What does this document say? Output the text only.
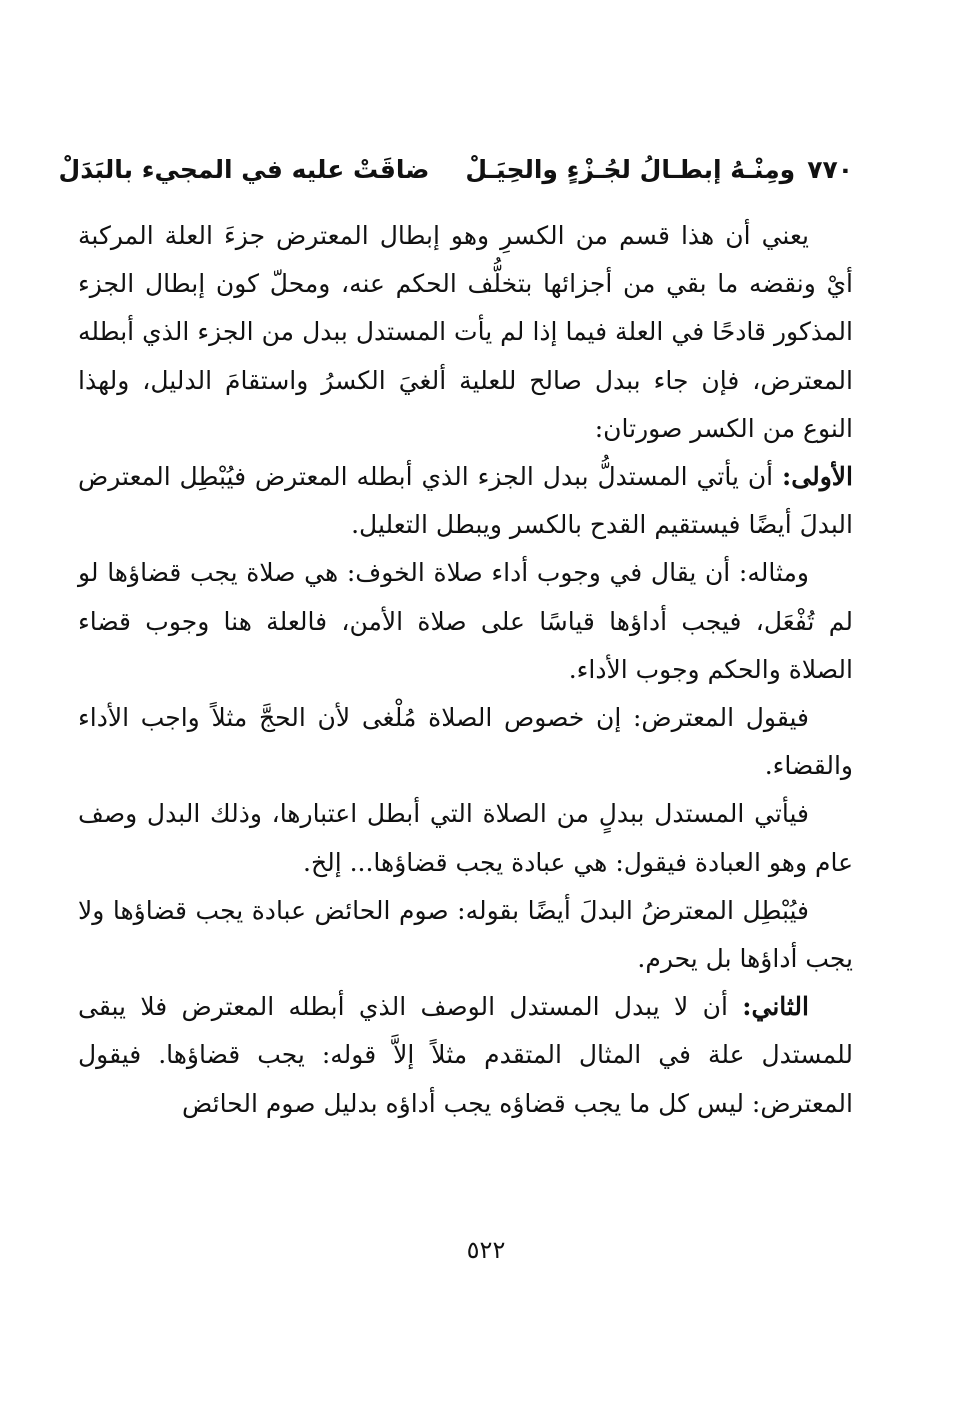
٧٧٠
ومِنْـهُ إبطـالُ لجُـزْءٍ والحِيَـلْ
ضاقَتْ عليه في المجيء بالبَدَلْ

يعني أن هذا قسم من الكسرِ وهو إبطال المعترض جزءَ العلة المركبة أيْ ونقضه ما بقي من أجزائها بتخلُّف الحكم عنه، ومحلّ كون إبطال الجزء المذكور قادحًا في العلة فيما إذا لم يأت المستدل ببدل من الجزء الذي أبطله المعترض، فإن جاء ببدل صالح للعلية ألغيَ الكسرُ واستقامَ الدليل، ولهذا النوع من الكسر صورتان:

الأولى: أن يأتي المستدلُّ ببدل الجزء الذي أبطله المعترض فيُبْطِل المعترض البدلَ أيضًا فيستقيم القدح بالكسر ويبطل التعليل.

ومثاله: أن يقال في وجوب أداء صلاة الخوف: هي صلاة يجب قضاؤها لو لم تُفْعَل، فيجب أداؤها قياسًا على صلاة الأمن، فالعلة هنا وجوب قضاء الصلاة والحكم وجوب الأداء.

فيقول المعترض: إن خصوص الصلاة مُلْغى لأن الحجَّ مثلاً واجب الأداء والقضاء.

فيأتي المستدل ببدلٍ من الصلاة التي أبطل اعتبارها، وذلك البدل وصف عام وهو العبادة فيقول: هي عبادة يجب قضاؤها... إلخ.

فيُبْطِل المعترضُ البدلَ أيضًا بقوله: صوم الحائض عبادة يجب قضاؤها ولا يجب أداؤها بل يحرم.

الثاني: أن لا يبدل المستدل الوصف الذي أبطله المعترض فلا يبقى للمستدل علة في المثال المتقدم مثلاً إلاَّ قوله: يجب قضاؤها. فيقول المعترض: ليس كل ما يجب قضاؤه يجب أداؤه بدليل صوم الحائض

٥٢٢
